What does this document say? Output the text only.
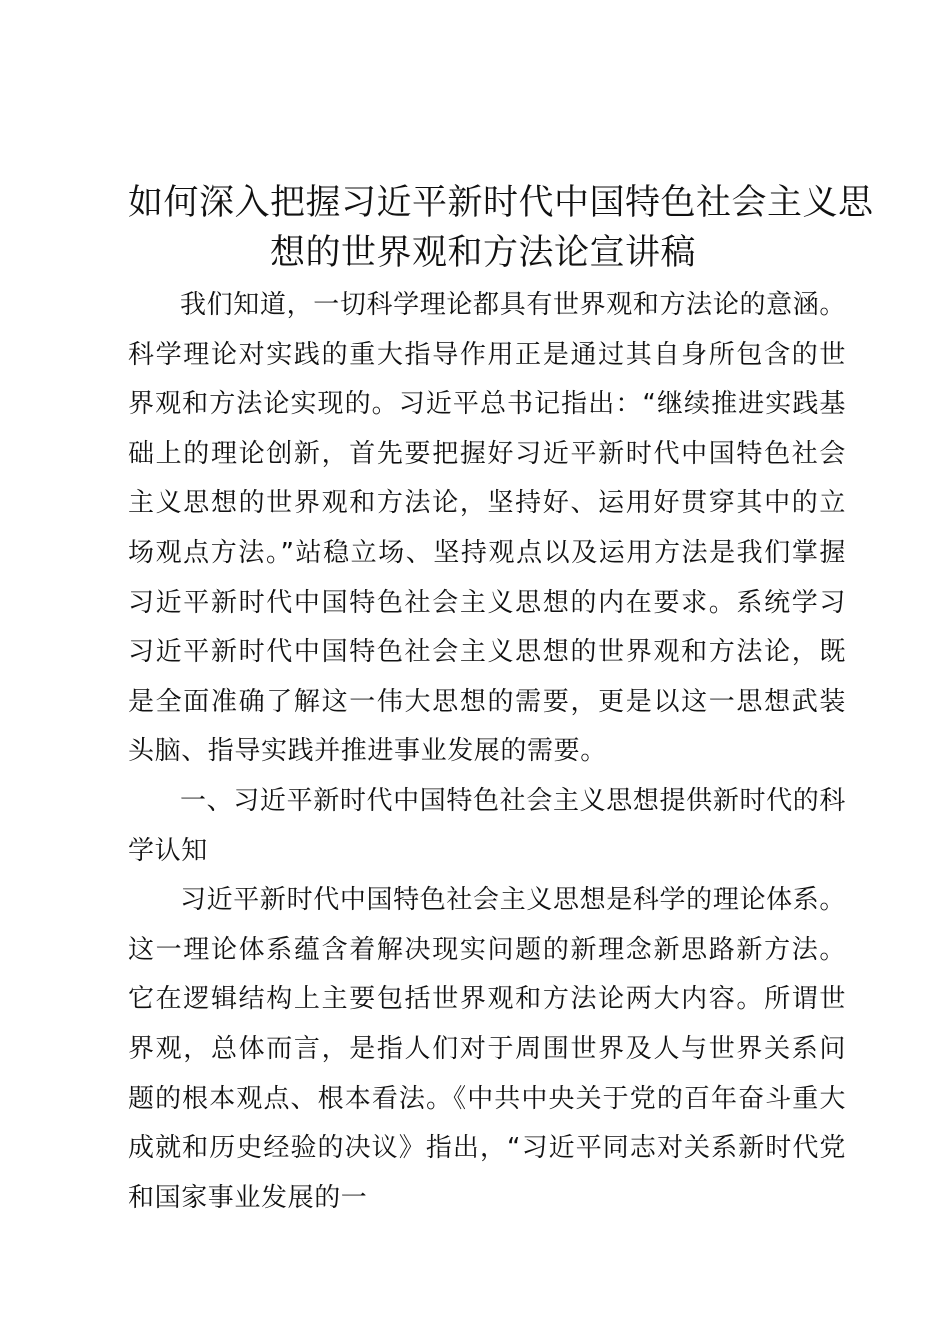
如何深入把握习近平新时代中国特色社会主义思
想的世界观和方法论宣讲稿

我们知道，一切科学理论都具有世界观和方法论的意涵。科学理论对实践的重大指导作用正是通过其自身所包含的世界观和方法论实现的。习近平总书记指出：“继续推进实践基础上的理论创新，首先要把握好习近平新时代中国特色社会主义思想的世界观和方法论，坚持好、运用好贯穿其中的立场观点方法。”站稳立场、坚持观点以及运用方法是我们掌握习近平新时代中国特色社会主义思想的内在要求。系统学习习近平新时代中国特色社会主义思想的世界观和方法论，既是全面准确了解这一伟大思想的需要，更是以这一思想武装头脑、指导实践并推进事业发展的需要。

一、习近平新时代中国特色社会主义思想提供新时代的科学认知

习近平新时代中国特色社会主义思想是科学的理论体系。这一理论体系蕴含着解决现实问题的新理念新思路新方法。它在逻辑结构上主要包括世界观和方法论两大内容。所谓世界观，总体而言，是指人们对于周围世界及人与世界关系问题的根本观点、根本看法。《中共中央关于党的百年奋斗重大成就和历史经验的决议》指出，“习近平同志对关系新时代党和国家事业发展的一
